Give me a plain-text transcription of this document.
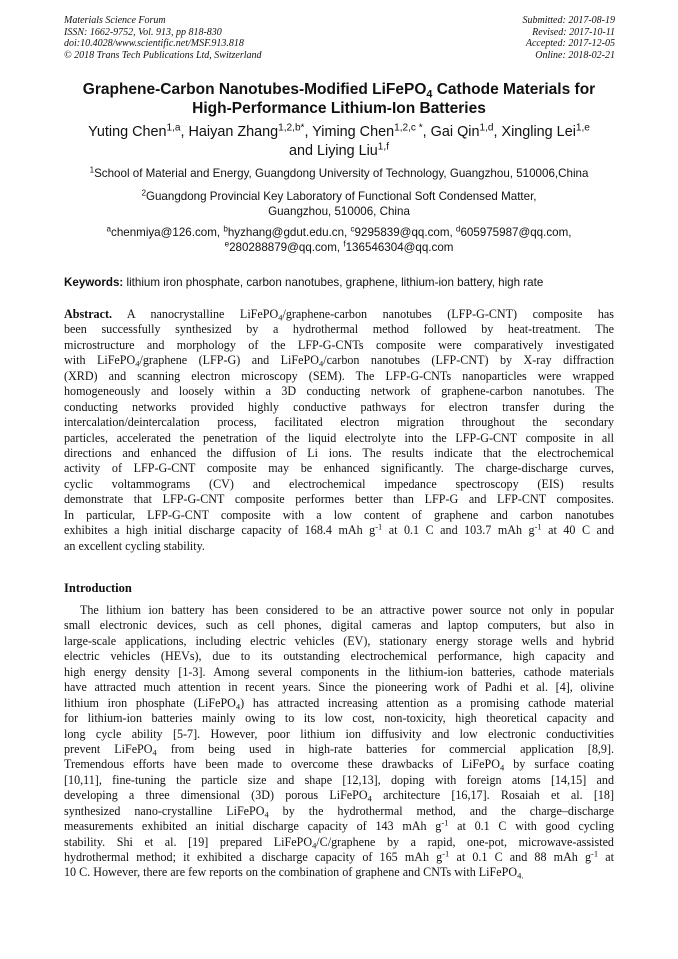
Materials Science Forum
ISSN: 1662-9752, Vol. 913, pp 818-830
doi:10.4028/www.scientific.net/MSF.913.818
© 2018 Trans Tech Publications Ltd, Switzerland
Submitted: 2017-08-19
Revised: 2017-10-11
Accepted: 2017-12-05
Online: 2018-02-21
Graphene-Carbon Nanotubes-Modified LiFePO$_4$ Cathode Materials for
High-Performance Lithium-Ion Batteries
Yuting Chen$^{1,a}$, Haiyan Zhang$^{1,2,b*}$, Yiming Chen$^{1,2,c *}$, Gai Qin$^{1,d}$, Xingling Lei$^{1,e}$
and Liying Liu$^{1,f}$
$^1$School of Material and Energy, Guangdong University of Technology, Guangzhou, 510006,China
$^2$Guangdong Provincial Key Laboratory of Functional Soft Condensed Matter,
Guangzhou, 510006, China
$^a$chenmiya@126.com, $^b$hyzhang@gdut.edu.cn, $^c$9295839@qq.com, $^d$605975987@qq.com,
$^e$280288879@qq.com, $^f$136546304@qq.com
Keywords: lithium iron phosphate, carbon nanotubes, graphene, lithium-ion battery, high rate
Abstract. A nanocrystalline LiFePO$_4$/graphene-carbon nanotubes (LFP-G-CNT) composite has
been successfully synthesized by a hydrothermal method followed by heat-treatment. The
microstructure and morphology of the LFP-G-CNTs composite were comparatively investigated
with LiFePO$_4$/graphene (LFP-G) and LiFePO$_4$/carbon nanotubes (LFP-CNT) by X-ray diffraction
(XRD) and scanning electron microscopy (SEM). The LFP-G-CNTs nanoparticles were wrapped
homogeneously and loosely within a 3D conducting network of graphene-carbon nanotubes. The
conducting networks provided highly conductive pathways for electron transfer during the
intercalation/deintercalation process, facilitated electron migration throughout the secondary
particles, accelerated the penetration of the liquid electrolyte into the LFP-G-CNT composite in all
directions and enhanced the diffusion of Li ions. The results indicate that the electrochemical
activity of LFP-G-CNT composite may be enhanced significantly. The charge-discharge curves,
cyclic voltammograms (CV) and electrochemical impedance spectroscopy (EIS) results
demonstrate that LFP-G-CNT composite performes better than LFP-G and LFP-CNT composites.
In particular, LFP-G-CNT composite with a low content of graphene and carbon nanotubes
exhibites a high initial discharge capacity of 168.4 mAh $g^{-1}$ at 0.1 C and 103.7 mAh $g^{-1}$ at 40 C and
an excellent cycling stability.
Introduction
The lithium ion battery has been considered to be an attractive power source not only in popular
small electronic devices, such as cell phones, digital cameras and laptop computers, but also in
large-scale applications, including electric vehicles (EV), stationary energy storage wells and hybrid
electric vehicles (HEVs), due to its outstanding electrochemical performance, high capacity and
high energy density [1-3]. Among several components in the lithium-ion batteries, cathode materials
have attracted much attention in recent years. Since the pioneering work of Padhi et al. [4], olivine
lithium iron phosphate (LiFePO$_4$) has attracted increasing attention as a promising cathode material
for lithium-ion batteries mainly owing to its low cost, non-toxicity, high theoretical capacity and
long cycle ability [5-7]. However, poor lithium ion diffusivity and low electronic conductivities
prevent LiFePO$_4$ from being used in high-rate batteries for commercial application [8,9].
Tremendous efforts have been made to overcome these drawbacks of LiFePO$_4$ by surface coating
[10,11], fine-tuning the particle size and shape [12,13], doping with foreign atoms [14,15] and
developing a three dimensional (3D) porous LiFePO$_4$ architecture [16,17]. Rosaiah et al. [18]
synthesized nano-crystalline LiFePO$_4$ by the hydrothermal method, and the charge–discharge
measurements exhibited an initial discharge capacity of 143 mAh $g^{-1}$ at 0.1 C with good cycling
stability. Shi et al. [19] prepared LiFePO$_4$/C/graphene by a rapid, one-pot, microwave-assisted
hydrothermal method; it exhibited a discharge capacity of 165 mAh $g^{-1}$ at 0.1 C and 88 mAh $g^{-1}$ at
10 C. However, there are few reports on the combination of graphene and CNTs with LiFePO$_{4.}$
